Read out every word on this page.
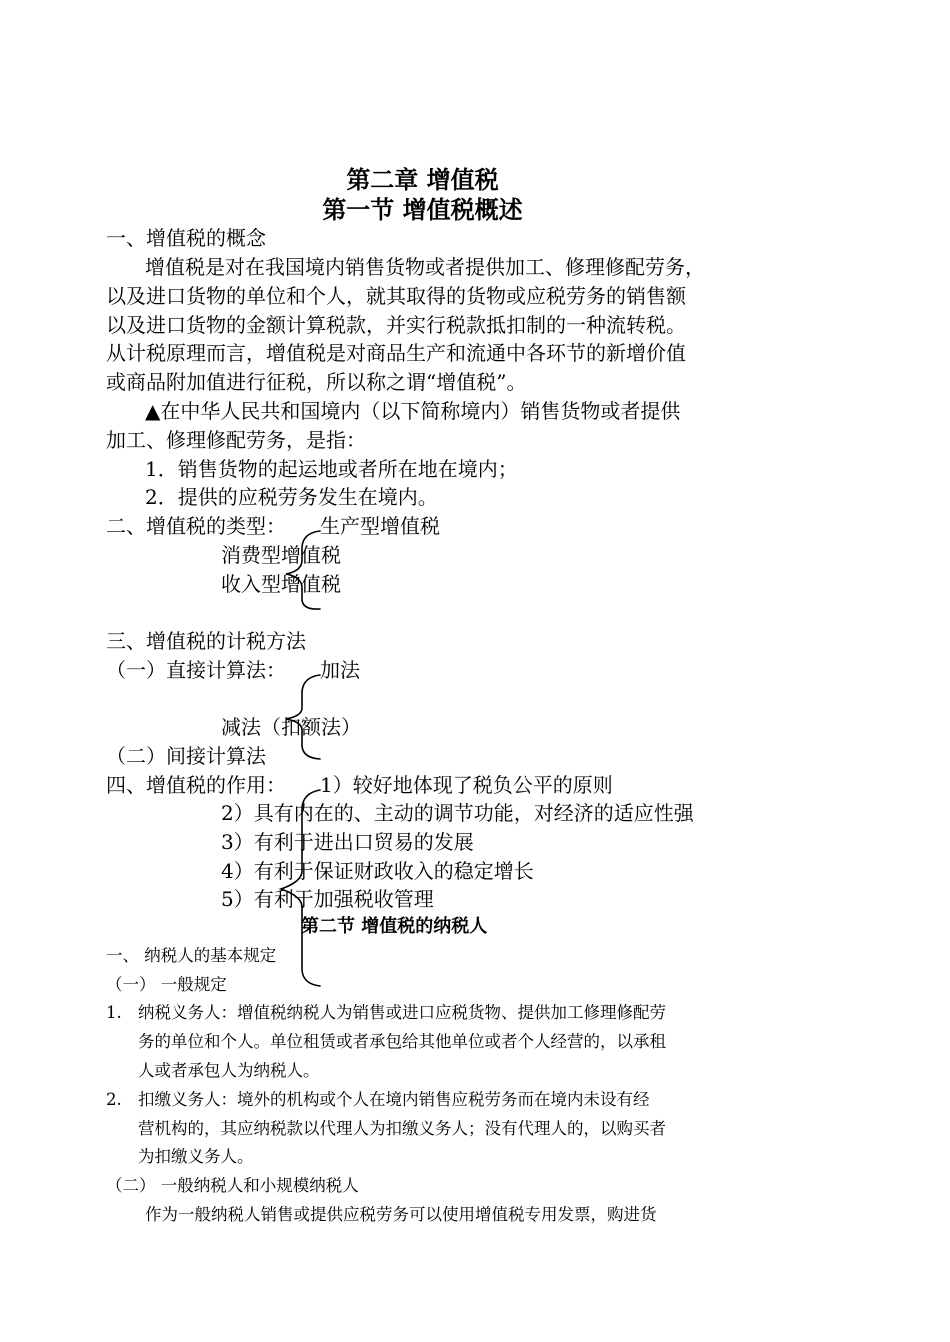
第二章 增值税
第一节 增值税概述
一、增值税的概念
增值税是对在我国境内销售货物或者提供加工、修理修配劳务，
以及进口货物的单位和个人，就其取得的货物或应税劳务的销售额
以及进口货物的金额计算税款，并实行税款抵扣制的一种流转税。
从计税原理而言，增值税是对商品生产和流通中各环节的新增价值
或商品附加值进行征税，所以称之谓“增值税”。
▲在中华人民共和国境内（以下简称境内）销售货物或者提供
加工、修理修配劳务，是指：
1．销售货物的起运地或者所在地在境内；
2．提供的应税劳务发生在境内。
二、增值税的类型： 生产型增值税
消费型增值税
收入型增值税
三、增值税的计税方法
（一）直接计算法： 加法
减法（扣额法）
（二）间接计算法
四、增值税的作用： 1）较好地体现了税负公平的原则
2）具有内在的、主动的调节功能，对经济的适应性强
3）有利于进出口贸易的发展
4）有利于保证财政收入的稳定增长
5）有利于加强税收管理
第二节 增值税的纳税人
一、 纳税人的基本规定
（一） 一般规定
1. 纳税义务人：增值税纳税人为销售或进口应税货物、提供加工修理修配劳
务的单位和个人。单位租赁或者承包给其他单位或者个人经营的，以承租
人或者承包人为纳税人。
2. 扣缴义务人：境外的机构或个人在境内销售应税劳务而在境内未设有经
营机构的，其应纳税款以代理人为扣缴义务人；没有代理人的，以购买者
为扣缴义务人。
（二） 一般纳税人和小规模纳税人
作为一般纳税人销售或提供应税劳务可以使用增值税专用发票，购进货
